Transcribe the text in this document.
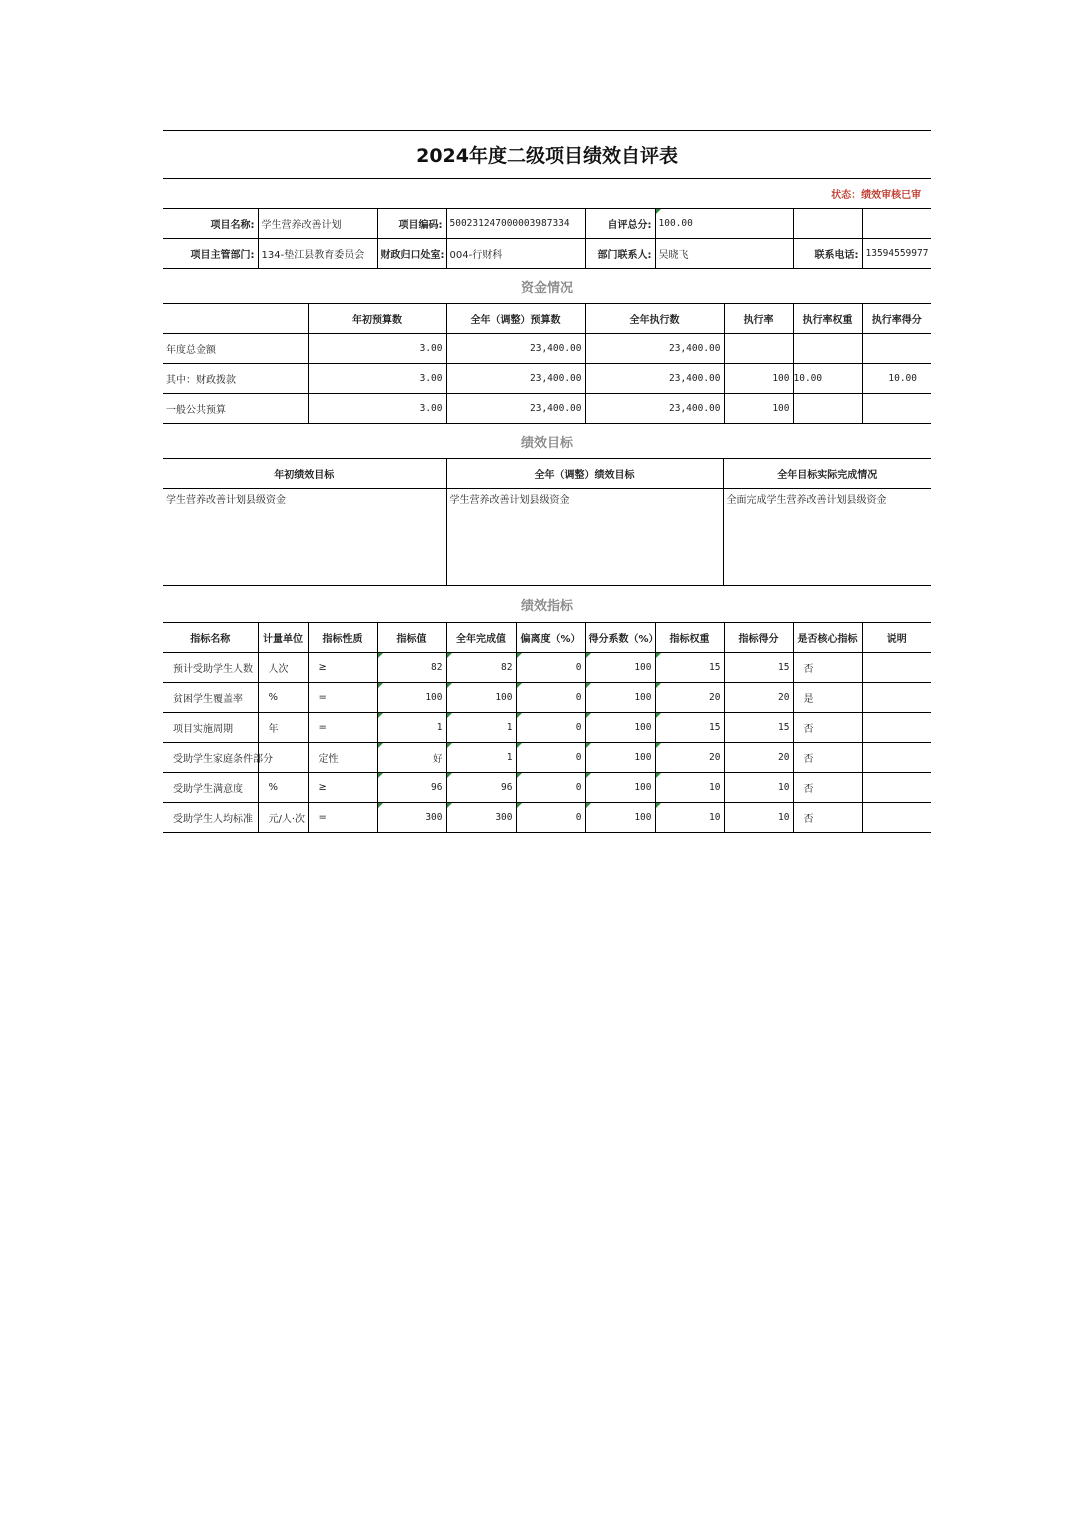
2024年度二级项目绩效自评表							
状态：绩效审核已审							
项目名称:	学生营养改善计划	项目编码:	500231247000003987334	自评总分:	100.00		
项目主管部门:	134-垫江县教育委员会	财政归口处室:	004-行财科	部门联系人:	吴晓飞	联系电话:	13594559977
资金情况							
	年初预算数	全年（调整）预算数	全年执行数	执行率	执行率权重	执行率得分
年度总金额	3.00	23,400.00	23,400.00			
其中：财政拨款	3.00	23,400.00	23,400.00	100	10.00	10.00
一般公共预算	3.00	23,400.00	23,400.00	100		
绩效目标						
年初绩效目标	全年（调整）绩效目标	全年目标实际完成情况
学生营养改善计划县级资金	学生营养改善计划县级资金	全面完成学生营养改善计划县级资金
绩效指标		
指标名称	计量单位	指标性质	指标值	全年完成值	偏离度（%）	得分系数（%）	指标权重	指标得分	是否核心指标	说明
预计受助学生人数	人次	≥	82	82	0	100	15	15	否	
贫困学生覆盖率	%	=	100	100	0	100	20	20	是	
项目实施周期	年	=	1	1	0	100	15	15	否	
受助学生家庭条件部分		定性	好	1	0	100	20	20	否	
受助学生满意度	%	≥	96	96	0	100	10	10	否	
受助学生人均标准	元/人·次	=	300	300	0	100	10	10	否	
